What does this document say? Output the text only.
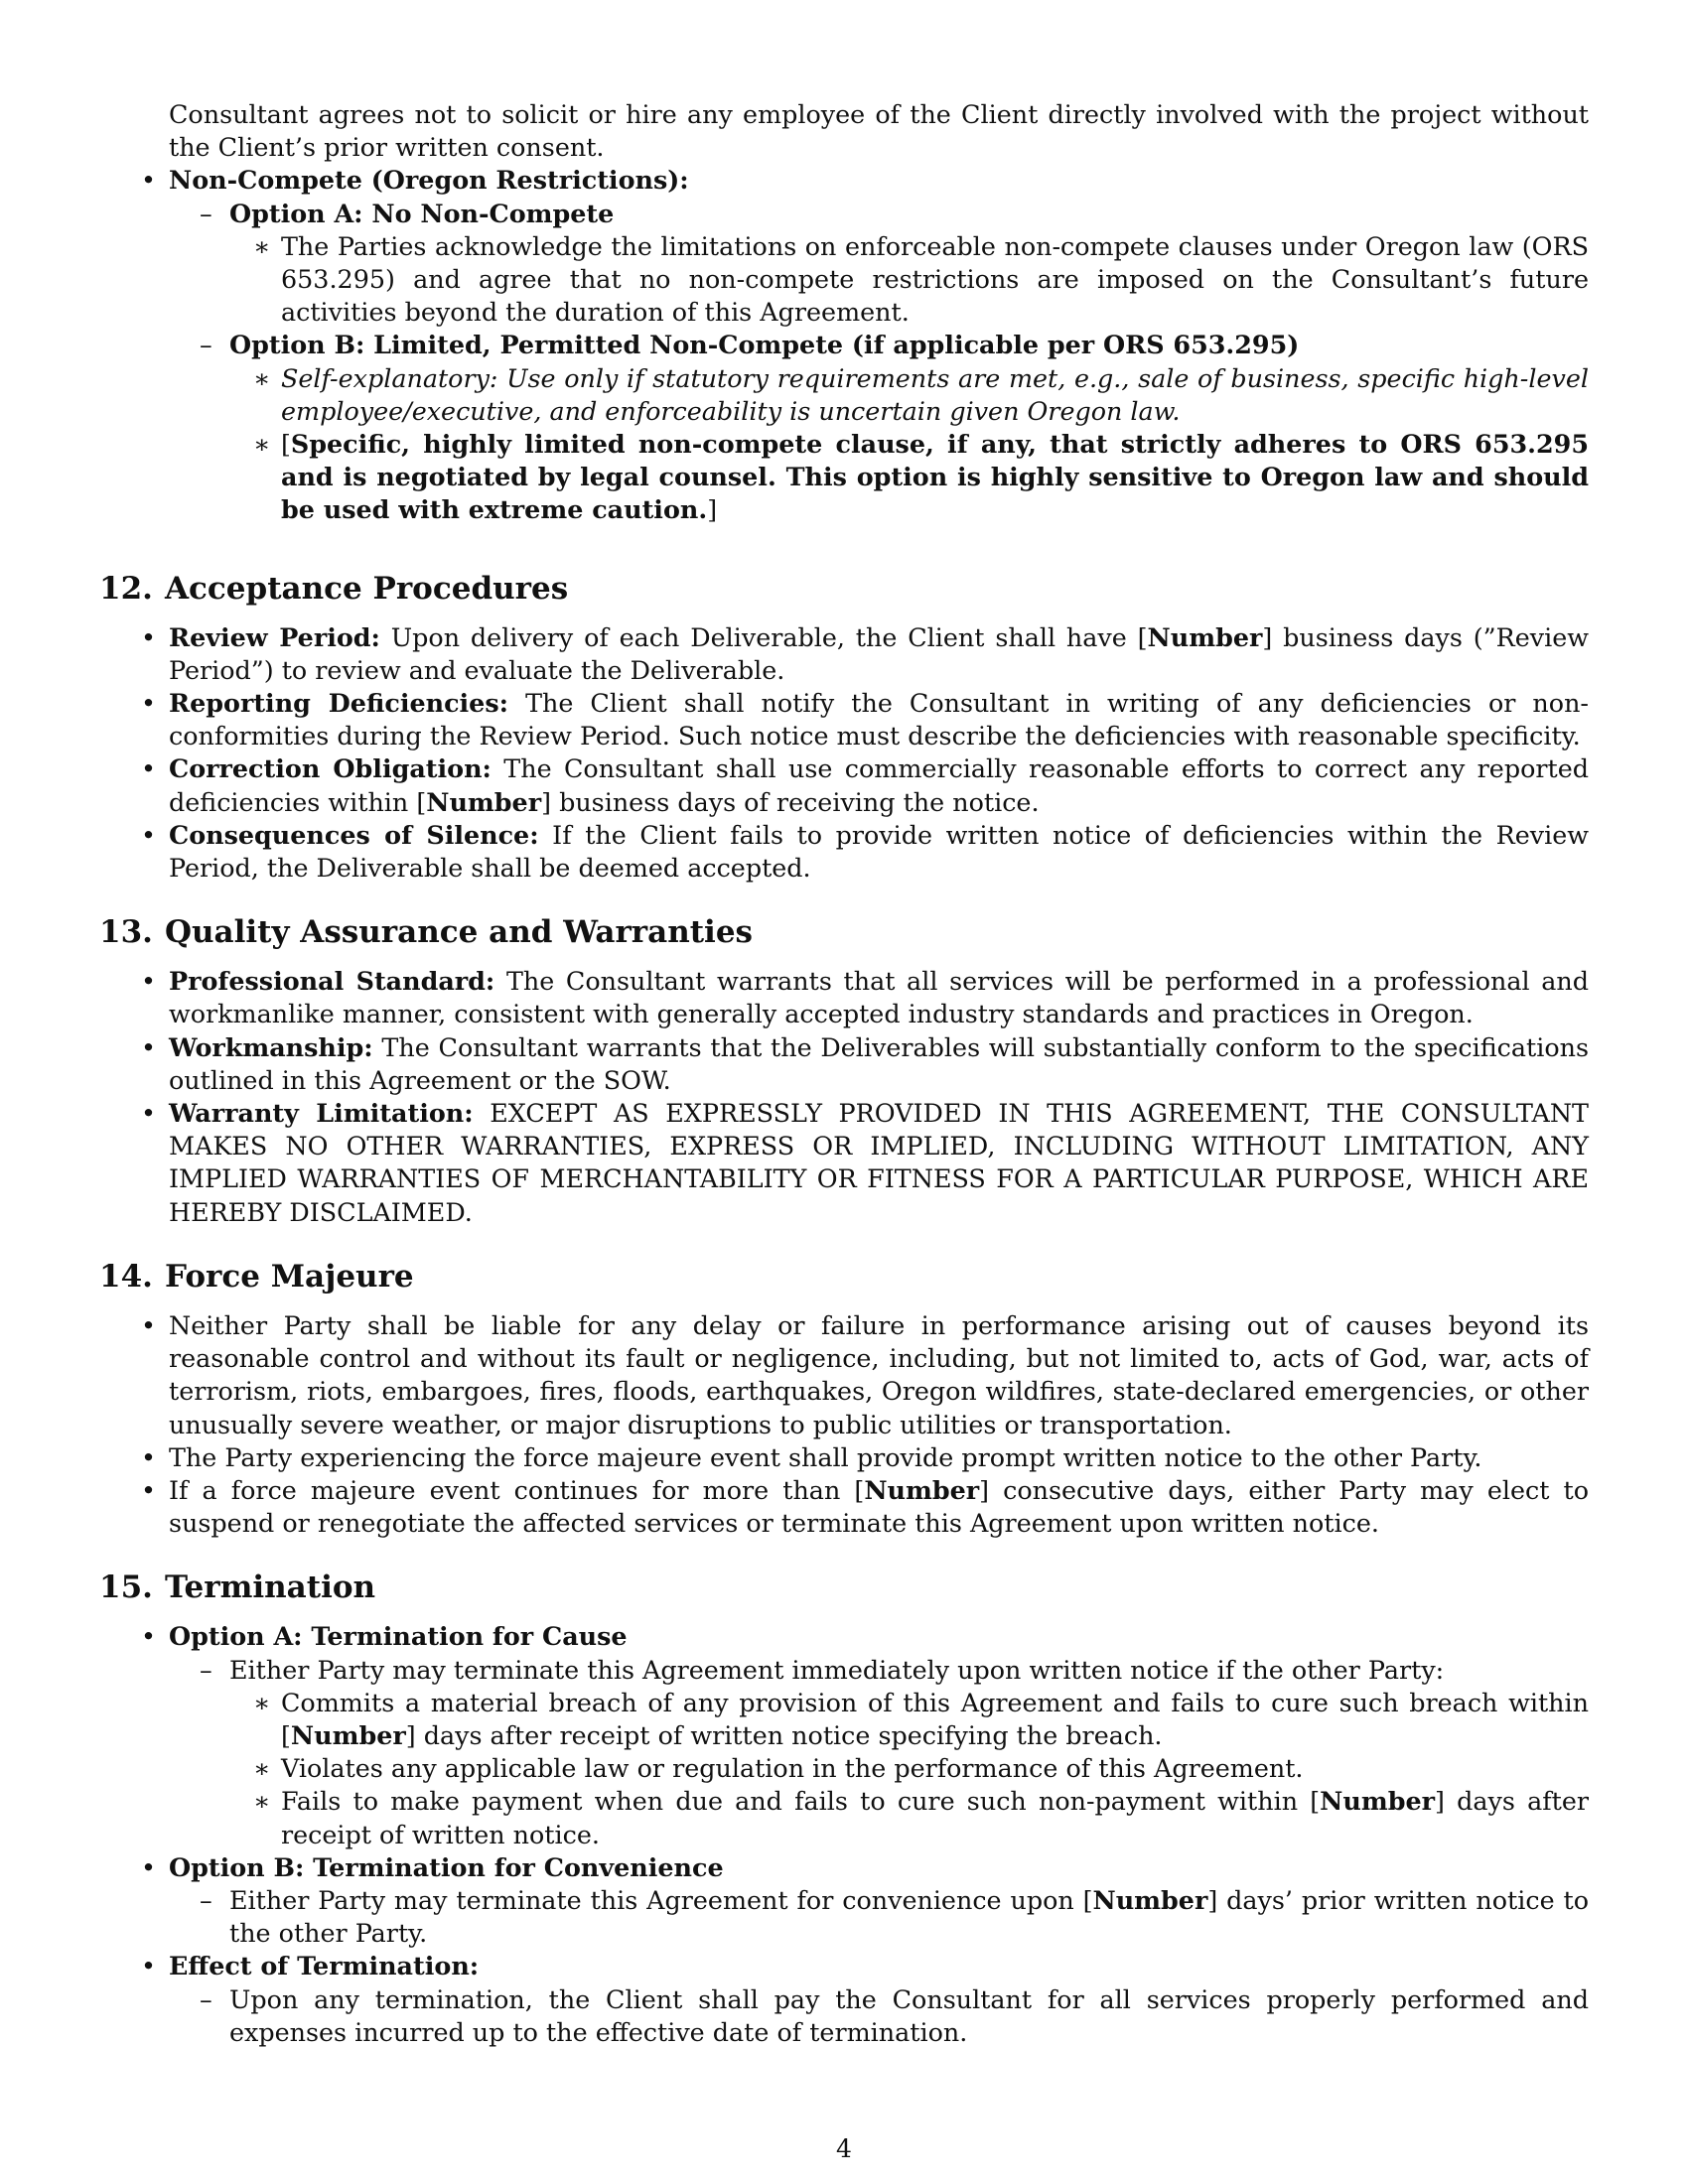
Consultant agrees not to solicit or hire any employee of the Client directly involved with the project without the Client’s prior written consent.

• Non-Compete (Oregon Restrictions):
– Option A: No Non-Compete
∗ The Parties acknowledge the limitations on enforceable non-compete clauses under Oregon law (ORS 653.295) and agree that no non-compete restrictions are imposed on the Consultant’s future activities beyond the duration of this Agreement.
– Option B: Limited, Permitted Non-Compete (if applicable per ORS 653.295)
∗ Self-explanatory: Use only if statutory requirements are met, e.g., sale of business, specific high-level employee/executive, and enforceability is uncertain given Oregon law.
∗ [Specific, highly limited non-compete clause, if any, that strictly adheres to ORS 653.295 and is negotiated by legal counsel. This option is highly sensitive to Oregon law and should be used with extreme caution.]
12. Acceptance Procedures
• Review Period: Upon delivery of each Deliverable, the Client shall have [Number] business days (”Review Period”) to review and evaluate the Deliverable.
• Reporting Deficiencies: The Client shall notify the Consultant in writing of any deficiencies or non-conformities during the Review Period. Such notice must describe the deficiencies with reasonable specificity.
• Correction Obligation: The Consultant shall use commercially reasonable efforts to correct any reported deficiencies within [Number] business days of receiving the notice.
• Consequences of Silence: If the Client fails to provide written notice of deficiencies within the Review Period, the Deliverable shall be deemed accepted.
13. Quality Assurance and Warranties
• Professional Standard: The Consultant warrants that all services will be performed in a professional and workmanlike manner, consistent with generally accepted industry standards and practices in Oregon.
• Workmanship: The Consultant warrants that the Deliverables will substantially conform to the specifications outlined in this Agreement or the SOW.
• Warranty Limitation: EXCEPT AS EXPRESSLY PROVIDED IN THIS AGREEMENT, THE CONSULTANT MAKES NO OTHER WARRANTIES, EXPRESS OR IMPLIED, INCLUDING WITHOUT LIMITATION, ANY IMPLIED WARRANTIES OF MERCHANTABILITY OR FITNESS FOR A PARTICULAR PURPOSE, WHICH ARE HEREBY DISCLAIMED.
14. Force Majeure
• Neither Party shall be liable for any delay or failure in performance arising out of causes beyond its reasonable control and without its fault or negligence, including, but not limited to, acts of God, war, acts of terrorism, riots, embargoes, fires, floods, earthquakes, Oregon wildfires, state-declared emergencies, or other unusually severe weather, or major disruptions to public utilities or transportation.
• The Party experiencing the force majeure event shall provide prompt written notice to the other Party.
• If a force majeure event continues for more than [Number] consecutive days, either Party may elect to suspend or renegotiate the affected services or terminate this Agreement upon written notice.
15. Termination
• Option A: Termination for Cause
– Either Party may terminate this Agreement immediately upon written notice if the other Party:
∗ Commits a material breach of any provision of this Agreement and fails to cure such breach within [Number] days after receipt of written notice specifying the breach.
∗ Violates any applicable law or regulation in the performance of this Agreement.
∗ Fails to make payment when due and fails to cure such non-payment within [Number] days after receipt of written notice.
• Option B: Termination for Convenience
– Either Party may terminate this Agreement for convenience upon [Number] days’ prior written notice to the other Party.
• Effect of Termination:
– Upon any termination, the Client shall pay the Consultant for all services properly performed and expenses incurred up to the effective date of termination.
4
